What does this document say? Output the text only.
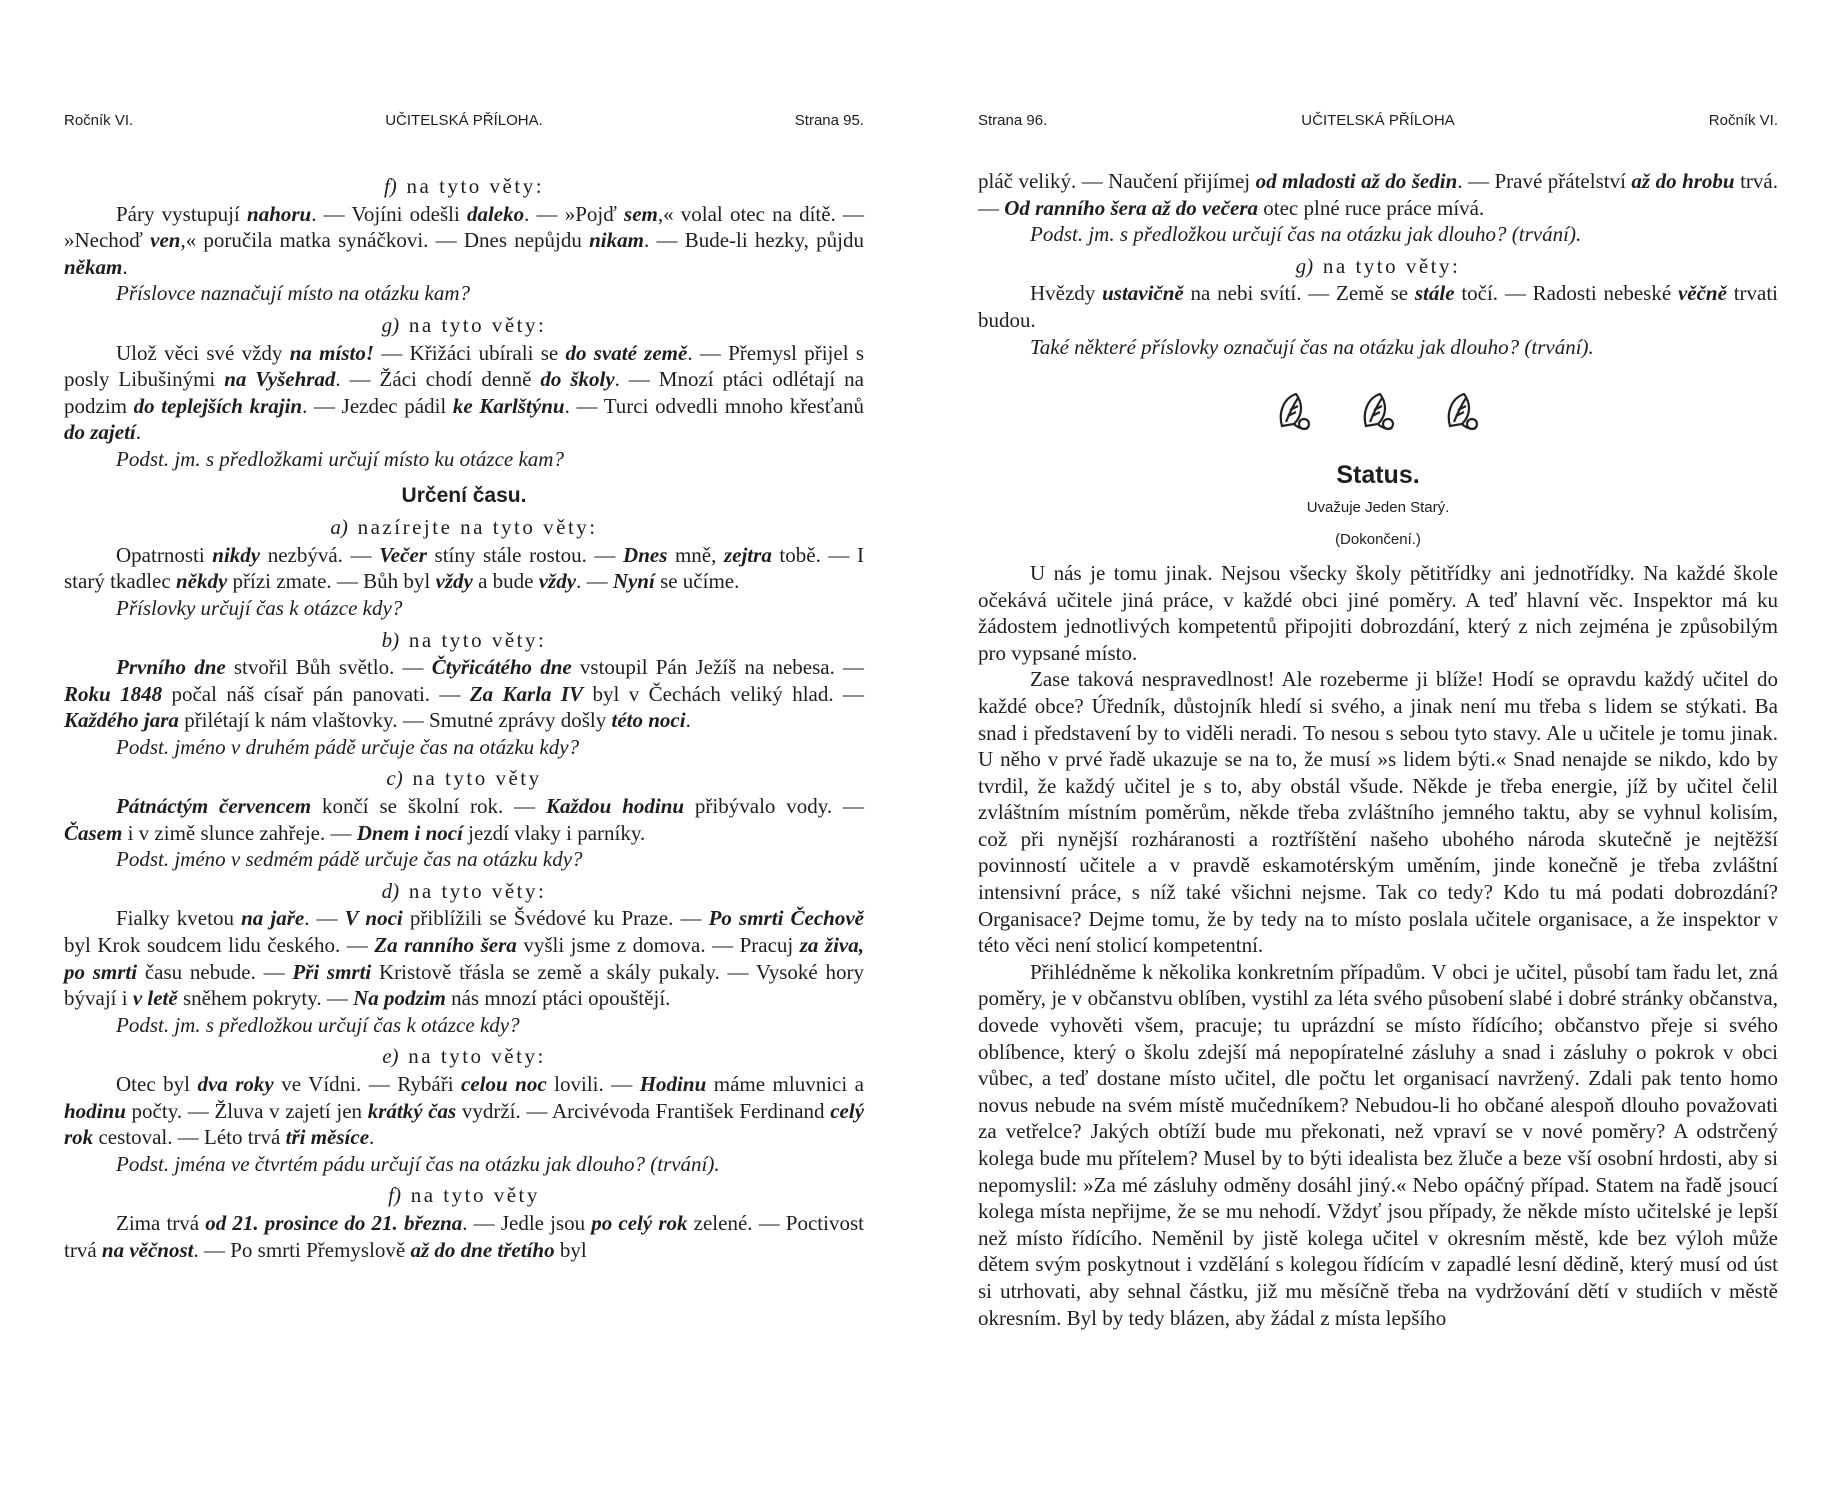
Ročník VI.	UČITELSKÁ PŘÍLOHA.	Strana 95.
f) na tyto věty:

Páry vystupují nahoru. — Vojíni odešli daleko. — »Pojď sem,« volal otec na dítě. — »Nechoď ven,« poručila matka synáčkovi. — Dnes nepůjdu nikam. — Bude-li hezky, půjdu někam.

Příslovce naznačují místo na otázku kam?

g) na tyto věty:

Ulož věci své vždy na místo! — Křižáci ubírali se do svaté země. — Přemysl přijel s posly Libušinými na Vyšehrad. — Žáci chodí denně do školy. — Mnozí ptáci odlétají na podzim do teplejších krajin. — Jezdec pádil ke Karlštýnu. — Turci odvedli mnoho křesťanů do zajetí.

Podst. jm. s předložkami určují místo ku otázce kam?

Určení času.
a) nazírejte na tyto věty:

Opatrnosti nikdy nezbývá. — Večer stíny stále rostou. — Dnes mně, zejtra tobě. — I starý tkadlec někdy přízi zmate. — Bůh byl vždy a bude vždy. — Nyní se učíme.

Příslovky určují čas k otázce kdy?

b) na tyto věty:

Prvního dne stvořil Bůh světlo. — Čtyřicátého dne vstoupil Pán Ježíš na nebesa. — Roku 1848 počal náš císař pán panovati. — Za Karla IV byl v Čechách veliký hlad. — Každého jara přilétají k nám vlaštovky. — Smutné zprávy došly této noci.

Podst. jméno v druhém pádě určuje čas na otázku kdy?

c) na tyto věty

Pátnáctým červencem končí se školní rok. — Každou hodinu přibývalo vody. — Časem i v zimě slunce zahřeje. — Dnem i nocí jezdí vlaky i parníky.

Podst. jméno v sedmém pádě určuje čas na otázku kdy?

d) na tyto věty:

Fialky kvetou na jaře. — V noci přiblížili se Švédové ku Praze. — Po smrti Čechově byl Krok soudcem lidu českého. — Za ranního šera vyšli jsme z domova. — Pracuj za živa, po smrti času nebude. — Při smrti Kristově třásla se země a skály pukaly. — Vysoké hory bývají i v letě sněhem pokryty. — Na podzim nás mnozí ptáci opouštějí.

Podst. jm. s předložkou určují čas k otázce kdy?

e) na tyto věty:

Otec byl dva roky ve Vídni. — Rybáři celou noc lovili. — Hodinu máme mluvnici a hodinu počty. — Žluva v zajetí jen krátký čas vydrží. — Arcivévoda František Ferdinand celý rok cestoval. — Léto trvá tři měsíce.

Podst. jména ve čtvrtém pádu určují čas na otázku jak dlouho? (trvání).

f) na tyto věty

Zima trvá od 21. prosince do 21. března. — Jedle jsou po celý rok zelené. — Poctivost trvá na věčnost. — Po smrti Přemyslově až do dne třetího byl

Strana 96.	UČITELSKÁ PŘÍLOHA	Ročník VI.

pláč veliký. — Naučení přijímej od mladosti až do šedin. — Pravé přátelství až do hrobu trvá. — Od ranního šera až do večera otec plné ruce práce mívá.

Podst. jm. s předložkou určují čas na otázku jak dlouho? (trvání).

g) na tyto věty:

Hvězdy ustavičně na nebi svítí. — Země se stále točí. — Radosti nebeské věčně trvati budou.

Také některé příslovky označují čas na otázku jak dlouho? (trvání).

Status.
Uvažuje Jeden Starý.
(Dokončení.)

U nás je tomu jinak. Nejsou všecky školy pětitřídky ani jednotřídky. Na každé škole očekává učitele jiná práce, v každé obci jiné poměry. A teď hlavní věc. Inspektor má ku žádostem jednotlivých kompetentů připojiti dobrozdání, který z nich zejména je způsobilým pro vypsané místo.

Zase taková nespravedlnost! Ale rozeberme ji blíže! Hodí se opravdu každý učitel do každé obce? Úředník, důstojník hledí si svého, a jinak není mu třeba s lidem se stýkati. Ba snad i představení by to viděli neradi. To nesou s sebou tyto stavy. Ale u učitele je tomu jinak. U něho v prvé řadě ukazuje se na to, že musí »s lidem býti.« Snad nenajde se nikdo, kdo by tvrdil, že každý učitel je s to, aby obstál všude. Někde je třeba energie, jíž by učitel čelil zvláštním místním poměrům, někde třeba zvláštního jemného taktu, aby se vyhnul kolisím, což při nynější rozháranosti a roztříštění našeho ubohého národa skutečně je nejtěžší povinností učitele a v pravdě eskamotérským uměním, jinde konečně je třeba zvláštní intensivní práce, s níž také všichni nejsme. Tak co tedy? Kdo tu má podati dobrozdání? Organisace? Dejme tomu, že by tedy na to místo poslala učitele organisace, a že inspektor v této věci není stolicí kompetentní.

Přihlédněme k několika konkretním případům. V obci je učitel, působí tam řadu let, zná poměry, je v občanstvu oblíben, vystihl za léta svého působení slabé i dobré stránky občanstva, dovede vyhověti všem, pracuje; tu uprázdní se místo řídícího; občanstvo přeje si svého oblíbence, který o školu zdejší má nepopíratelné zásluhy a snad i zásluhy o pokrok v obci vůbec, a teď dostane místo učitel, dle počtu let organisací navržený. Zdali pak tento homo novus nebude na svém místě mučedníkem? Nebudou-li ho občané alespoň dlouho považovati za vetřelce? Jakých obtíží bude mu překonati, než vpraví se v nové poměry? A odstrčený kolega bude mu přítelem? Musel by to býti idealista bez žluče a beze vší osobní hrdosti, aby si nepomyslil: »Za mé zásluhy odměny dosáhl jiný.« Nebo opáčný případ. Statem na řadě jsoucí kolega místa nepřijme, že se mu nehodí. Vždyť jsou případy, že někde místo učitelské je lepší než místo řídícího. Neměnil by jistě kolega učitel v okresním městě, kde bez výloh může dětem svým poskytnout i vzdělání s kolegou řídícím v zapadlé lesní dědině, který musí od úst si utrhovati, aby sehnal částku, již mu měsíčně třeba na vydržování dětí v studiích v městě okresním. Byl by tedy blázen, aby žádal z místa lepšího
